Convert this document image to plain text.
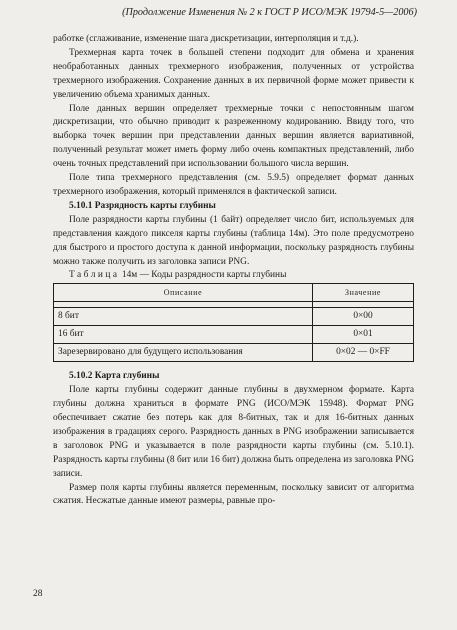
(Продолжение Изменения № 2 к ГОСТ Р ИСО/МЭК 19794-5—2006)

работке (сглаживание, изменение шага дискретизации, интерполяция и т.д.).

Трехмерная карта точек в большей степени подходит для обмена и хранения необработанных данных трехмерного изображения, полученных от устройства трехмерного изображения. Сохранение данных в их первичной форме может привести к увеличению объема хранимых данных.

Поле данных вершин определяет трехмерные точки с непостоянным шагом дискретизации, что обычно приводит к разреженному кодированию. Ввиду того, что выборка точек вершин при представлении данных вершин является вариативной, полученный результат может иметь форму либо очень компактных представлений, либо очень точных представлений при использовании большого числа вершин.

Поле типа трехмерного представления (см. 5.9.5) определяет формат данных трехмерного изображения, который применялся в фактической записи.

5.10.1 Разрядность карты глубины

Поле разрядности карты глубины (1 байт) определяет число бит, используемых для представления каждого пикселя карты глубины (таблица 14м). Это поле предусмотрено для быстрого и простого доступа к данной информации, поскольку разрядность глубины можно также получить из заголовка записи PNG.

Таблица 14м — Коды разрядности карты глубины

Описание	Значение

8 бит	0×00
16 бит	0×01
Зарезервировано для будущего использования	0×02 — 0×FF

5.10.2 Карта глубины

Поле карты глубины содержит данные глубины в двухмерном формате. Карта глубины должна храниться в формате PNG (ИСО/МЭК 15948). Формат PNG обеспечивает сжатие без потерь как для 8-битных, так и для 16-битных данных изображения в градациях серого. Разрядность данных в PNG изображении записывается в заголовок PNG и указывается в поле разрядности карты глубины (см. 5.10.1). Разрядность карты глубины (8 бит или 16 бит) должна быть определена из заголовка PNG записи.

Размер поля карты глубины является переменным, поскольку зависит от алгоритма сжатия. Несжатые данные имеют размеры, равные про-

28
